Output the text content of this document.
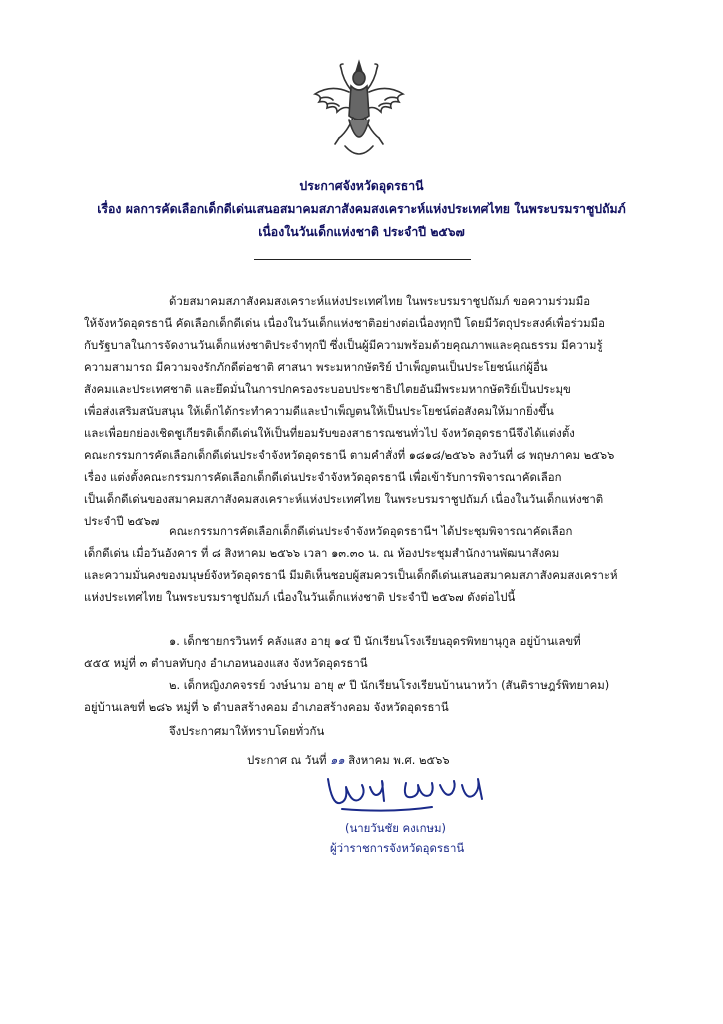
ประกาศจังหวัดอุดรธานี
เรื่อง ผลการคัดเลือกเด็กดีเด่นเสนอสมาคมสภาสังคมสงเคราะห์แห่งประเทศไทย ในพระบรมราชูปถัมภ์
เนื่องในวันเด็กแห่งชาติ ประจำปี ๒๕๖๗
ด้วยสมาคมสภาสังคมสงเคราะห์แห่งประเทศไทย ในพระบรมราชูปถัมภ์ ขอความร่วมมือ
ให้จังหวัดอุดรธานี คัดเลือกเด็กดีเด่น เนื่องในวันเด็กแห่งชาติอย่างต่อเนื่องทุกปี โดยมีวัตถุประสงค์เพื่อร่วมมือ
กับรัฐบาลในการจัดงานวันเด็กแห่งชาติประจำทุกปี ซึ่งเป็นผู้มีความพร้อมด้วยคุณภาพและคุณธรรม มีความรู้
ความสามารถ มีความจงรักภักดีต่อชาติ ศาสนา พระมหากษัตริย์ บำเพ็ญตนเป็นประโยชน์แก่ผู้อื่น
สังคมและประเทศชาติ และยึดมั่นในการปกครองระบอบประชาธิปไตยอันมีพระมหากษัตริย์เป็นประมุข
เพื่อส่งเสริมสนับสนุน ให้เด็กได้กระทำความดีและบำเพ็ญตนให้เป็นประโยชน์ต่อสังคมให้มากยิ่งขึ้น
และเพื่อยกย่องเชิดชูเกียรติเด็กดีเด่นให้เป็นที่ยอมรับของสาธารณชนทั่วไป จังหวัดอุดรธานีจึงได้แต่งตั้ง
คณะกรรมการคัดเลือกเด็กดีเด่นประจำจังหวัดอุดรธานี ตามคำสั่งที่ ๑๘๑๘/๒๕๖๖ ลงวันที่ ๘ พฤษภาคม ๒๕๖๖
เรื่อง แต่งตั้งคณะกรรมการคัดเลือกเด็กดีเด่นประจำจังหวัดอุดรธานี เพื่อเข้ารับการพิจารณาคัดเลือก
เป็นเด็กดีเด่นของสมาคมสภาสังคมสงเคราะห์แห่งประเทศไทย ในพระบรมราชูปถัมภ์ เนื่องในวันเด็กแห่งชาติ
ประจำปี ๒๕๖๗
คณะกรรมการคัดเลือกเด็กดีเด่นประจำจังหวัดอุดรธานีฯ ได้ประชุมพิจารณาคัดเลือก
เด็กดีเด่น เมื่อวันอังคาร ที่ ๘ สิงหาคม ๒๕๖๖ เวลา ๑๓.๓๐ น. ณ ห้องประชุมสำนักงานพัฒนาสังคม
และความมั่นคงของมนุษย์จังหวัดอุดรธานี มีมติเห็นชอบผู้สมควรเป็นเด็กดีเด่นเสนอสมาคมสภาสังคมสงเคราะห์
แห่งประเทศไทย ในพระบรมราชูปถัมภ์ เนื่องในวันเด็กแห่งชาติ ประจำปี ๒๕๖๗ ดังต่อไปนี้
๑. เด็กชายกรวินทร์ คลังแสง อายุ ๑๔ ปี นักเรียนโรงเรียนอุดรพิทยานุกูล อยู่บ้านเลขที่
๕๕๕ หมู่ที่ ๓ ตำบลทับกุง อำเภอหนองแสง จังหวัดอุดรธานี
๒. เด็กหญิงภคจรรย์ วงษ์นาม อายุ ๙ ปี นักเรียนโรงเรียนบ้านนาหว้า (สันติราษฎร์พิทยาคม)
อยู่บ้านเลขที่ ๒๘๖ หมู่ที่ ๖ ตำบลสร้างคอม อำเภอสร้างคอม จังหวัดอุดรธานี
จึงประกาศมาให้ทราบโดยทั่วกัน
ประกาศ ณ วันที่ ๑๑ สิงหาคม พ.ศ. ๒๕๖๖
(นายวันชัย คงเกษม)
ผู้ว่าราชการจังหวัดอุดรธานี
